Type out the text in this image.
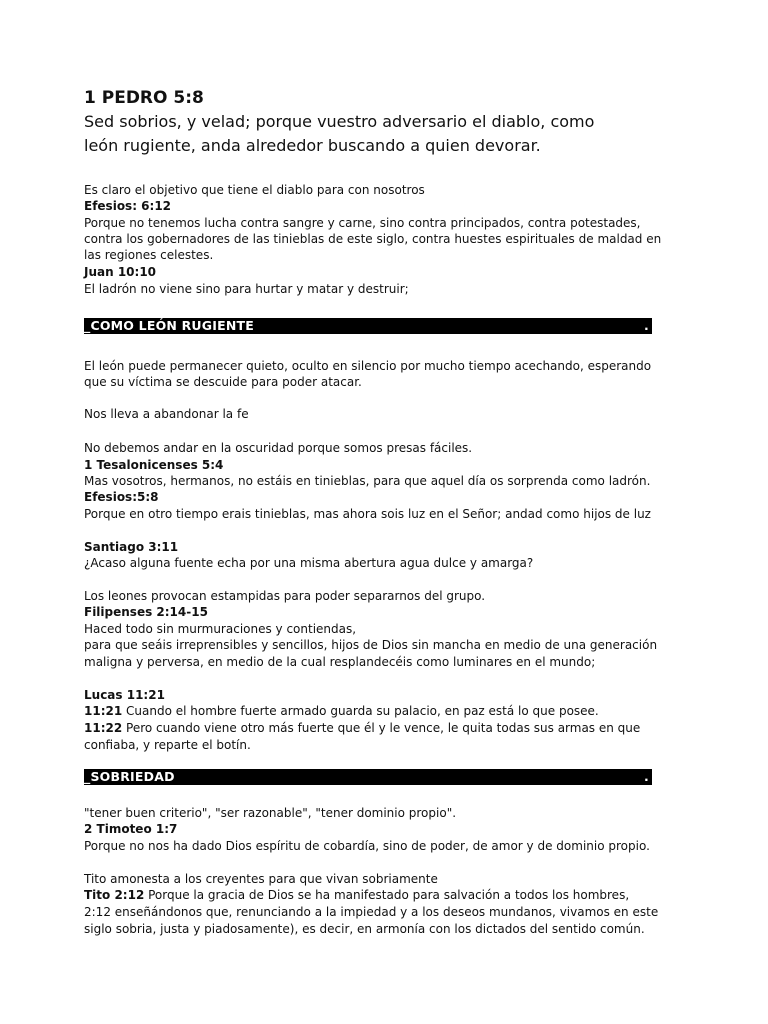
1 PEDRO 5:8
Sed sobrios, y velad; porque vuestro adversario el diablo, como
león rugiente, anda alrededor buscando a quien devorar.
Es claro el objetivo que tiene el diablo para con nosotros
Efesios: 6:12
Porque no tenemos lucha contra sangre y carne, sino contra principados, contra potestades,
contra los gobernadores de las tinieblas de este siglo, contra huestes espirituales de maldad en
las regiones celestes.
Juan 10:10
El ladrón no viene sino para hurtar y matar y destruir;
_COMO LEÓN RUGIENTE	.
El león puede permanecer quieto, oculto en silencio por mucho tiempo acechando, esperando
que su víctima se descuide para poder atacar.
Nos lleva a abandonar la fe
No debemos andar en la oscuridad porque somos presas fáciles.
1 Tesalonicenses 5:4
Mas vosotros, hermanos, no estáis en tinieblas, para que aquel día os sorprenda como ladrón.
Efesios:5:8
Porque en otro tiempo erais tinieblas, mas ahora sois luz en el Señor; andad como hijos de luz
Santiago 3:11
¿Acaso alguna fuente echa por una misma abertura agua dulce y amarga?
Los leones provocan estampidas para poder separarnos del grupo.
Filipenses 2:14-15
Haced todo sin murmuraciones y contiendas,
para que seáis irreprensibles y sencillos, hijos de Dios sin mancha en medio de una generación
maligna y perversa, en medio de la cual resplandecéis como luminares en el mundo;
Lucas 11:21
11:21 Cuando el hombre fuerte armado guarda su palacio, en paz está lo que posee.
11:22 Pero cuando viene otro más fuerte que él y le vence, le quita todas sus armas en que
confiaba, y reparte el botín.
_SOBRIEDAD	.
"tener buen criterio", "ser razonable", "tener dominio propio".
2 Timoteo 1:7
Porque no nos ha dado Dios espíritu de cobardía, sino de poder, de amor y de dominio propio.
Tito amonesta a los creyentes para que vivan sobriamente
Tito 2:12 Porque la gracia de Dios se ha manifestado para salvación a todos los hombres,
2:12 enseñándonos que, renunciando a la impiedad y a los deseos mundanos, vivamos en este
siglo sobria, justa y piadosamente), es decir, en armonía con los dictados del sentido común.
